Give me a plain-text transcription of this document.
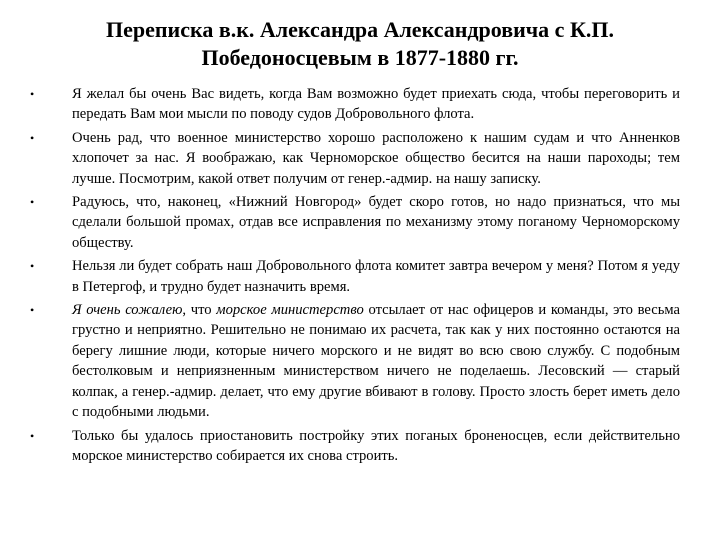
Переписка в.к. Александра Александровича с К.П.
Победоносцевым в 1877-1880 гг.
•	Я желал бы очень Вас видеть, когда Вам возможно будет приехать сюда, чтобы переговорить и передать Вам мои мысли по поводу судов Добровольного флота.
•	Очень рад, что военное министерство хорошо расположено к нашим судам и что Анненков хлопочет за нас. Я воображаю, как Черноморское общество бесится на наши пароходы; тем лучше. Посмотрим, какой ответ получим от генер.-адмир. на нашу записку.
•	Радуюсь, что, наконец, «Нижний Новгород» будет скоро готов, но надо признаться, что мы сделали большой промах, отдав все исправления по механизму этому поганому Черноморскому обществу.
•	Нельзя ли будет собрать наш Добровольного флота комитет завтра вечером у меня? Потом я уеду в Петергоф, и трудно будет назначить время.
•	Я очень сожалею, что морское министерство отсылает от нас офицеров и команды, это весьма грустно и неприятно. Решительно не понимаю их расчета, так как у них постоянно остаются на берегу лишние люди, которые ничего морского и не видят во всю свою службу. С подобным бестолковым и неприязненным министерством ничего не поделаешь. Лесовский — старый колпак, а генер.-адмир. делает, что ему другие вбивают в голову. Просто злость берет иметь дело с подобными людьми.
•	Только бы удалось приостановить постройку этих поганых броненосцев, если действительно морское министерство собирается их снова строить.
